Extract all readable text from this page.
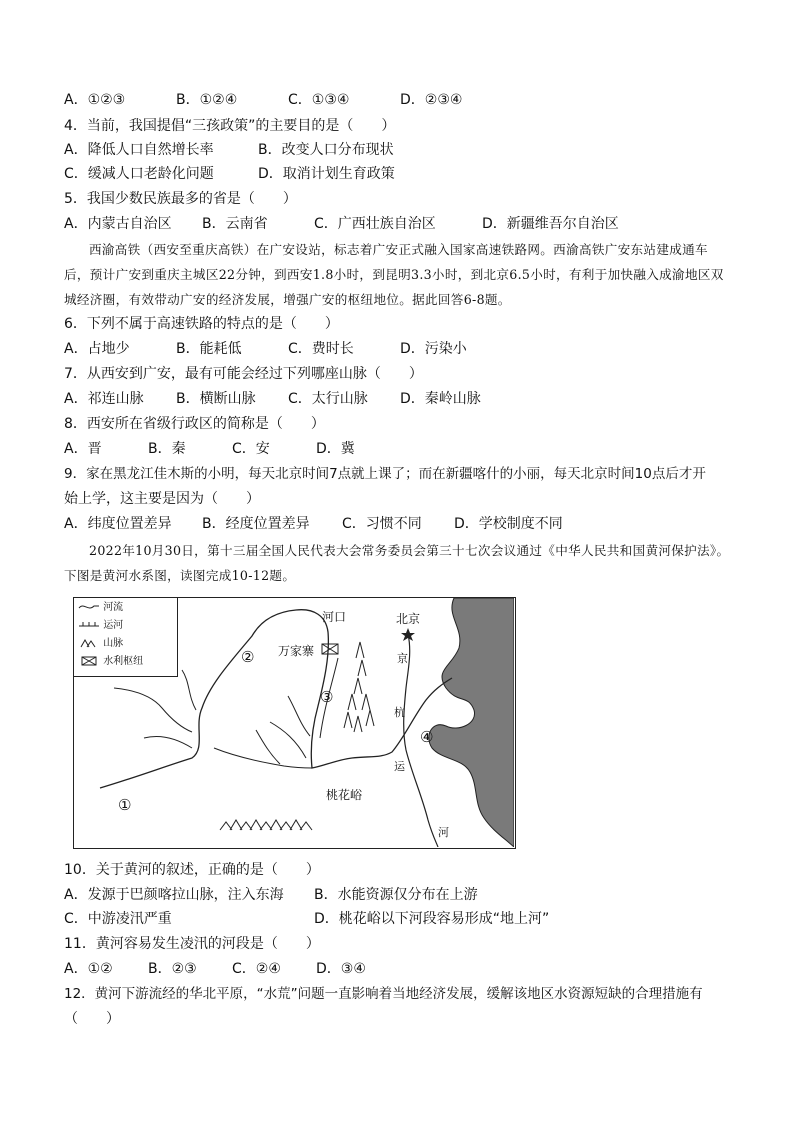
A．①②③	B．①②④	C．①③④	D．②③④
4．当前，我国提倡“三孩政策”的主要目的是（　　）
A．降低人口自然增长率	B．改变人口分布现状
C．缓减人口老龄化问题	D．取消计划生育政策
5．我国少数民族最多的省是（　　）
A．内蒙古自治区 B．云南省	C．广西壮族自治区	D．新疆维吾尔自治区
西渝高铁（西安至重庆高铁）在广安设站，标志着广安正式融入国家高速铁路网。西渝高铁广安东站建成通车后，预计广安到重庆主城区22分钟，到西安1.8小时，到昆明3.3小时，到北京6.5小时，有利于加快融入成渝地区双城经济圈，有效带动广安的经济发展，增强广安的枢纽地位。据此回答6-8题。
6．下列不属于高速铁路的特点的是（　　）
A．占地少	B．能耗低	C．费时长	D．污染小
7．从西安到广安，最有可能会经过下列哪座山脉（　　）
A．祁连山脉 B．横断山脉 C．太行山脉 D．秦岭山脉
8．西安所在省级行政区的简称是（　　）
A．晋	B．秦	C．安	D．冀
9．家在黑龙江佳木斯的小明，每天北京时间7点就上课了；而在新疆喀什的小丽，每天北京时间10点后才开
始上学，这主要是因为（　　）
A．纬度位置差异 B．经度位置差异 C．习惯不同 D．学校制度不同
2022年10月30日，第十三届全国人民代表大会常务委员会第三十七次会议通过《中华人民共和国黄河保护法》。下图是黄河水系图，读图完成10-12题。
河流
运河
山脉
水利枢纽
河口	北京
万家寨
桃花峪
京
杭
运
河
①
②
③
④
10．关于黄河的叙述，正确的是（　　）
A．发源于巴颜喀拉山脉，注入东海 B．水能资源仅分布在上游
C．中游凌汛严重	D．桃花峪以下河段容易形成“地上河”
11．黄河容易发生凌汛的河段是（　　）
A．①②	B．②③	C．②④	D．③④
12．黄河下游流经的华北平原，“水荒”问题一直影响着当地经济发展，缓解该地区水资源短缺的合理措施有
（　　）
